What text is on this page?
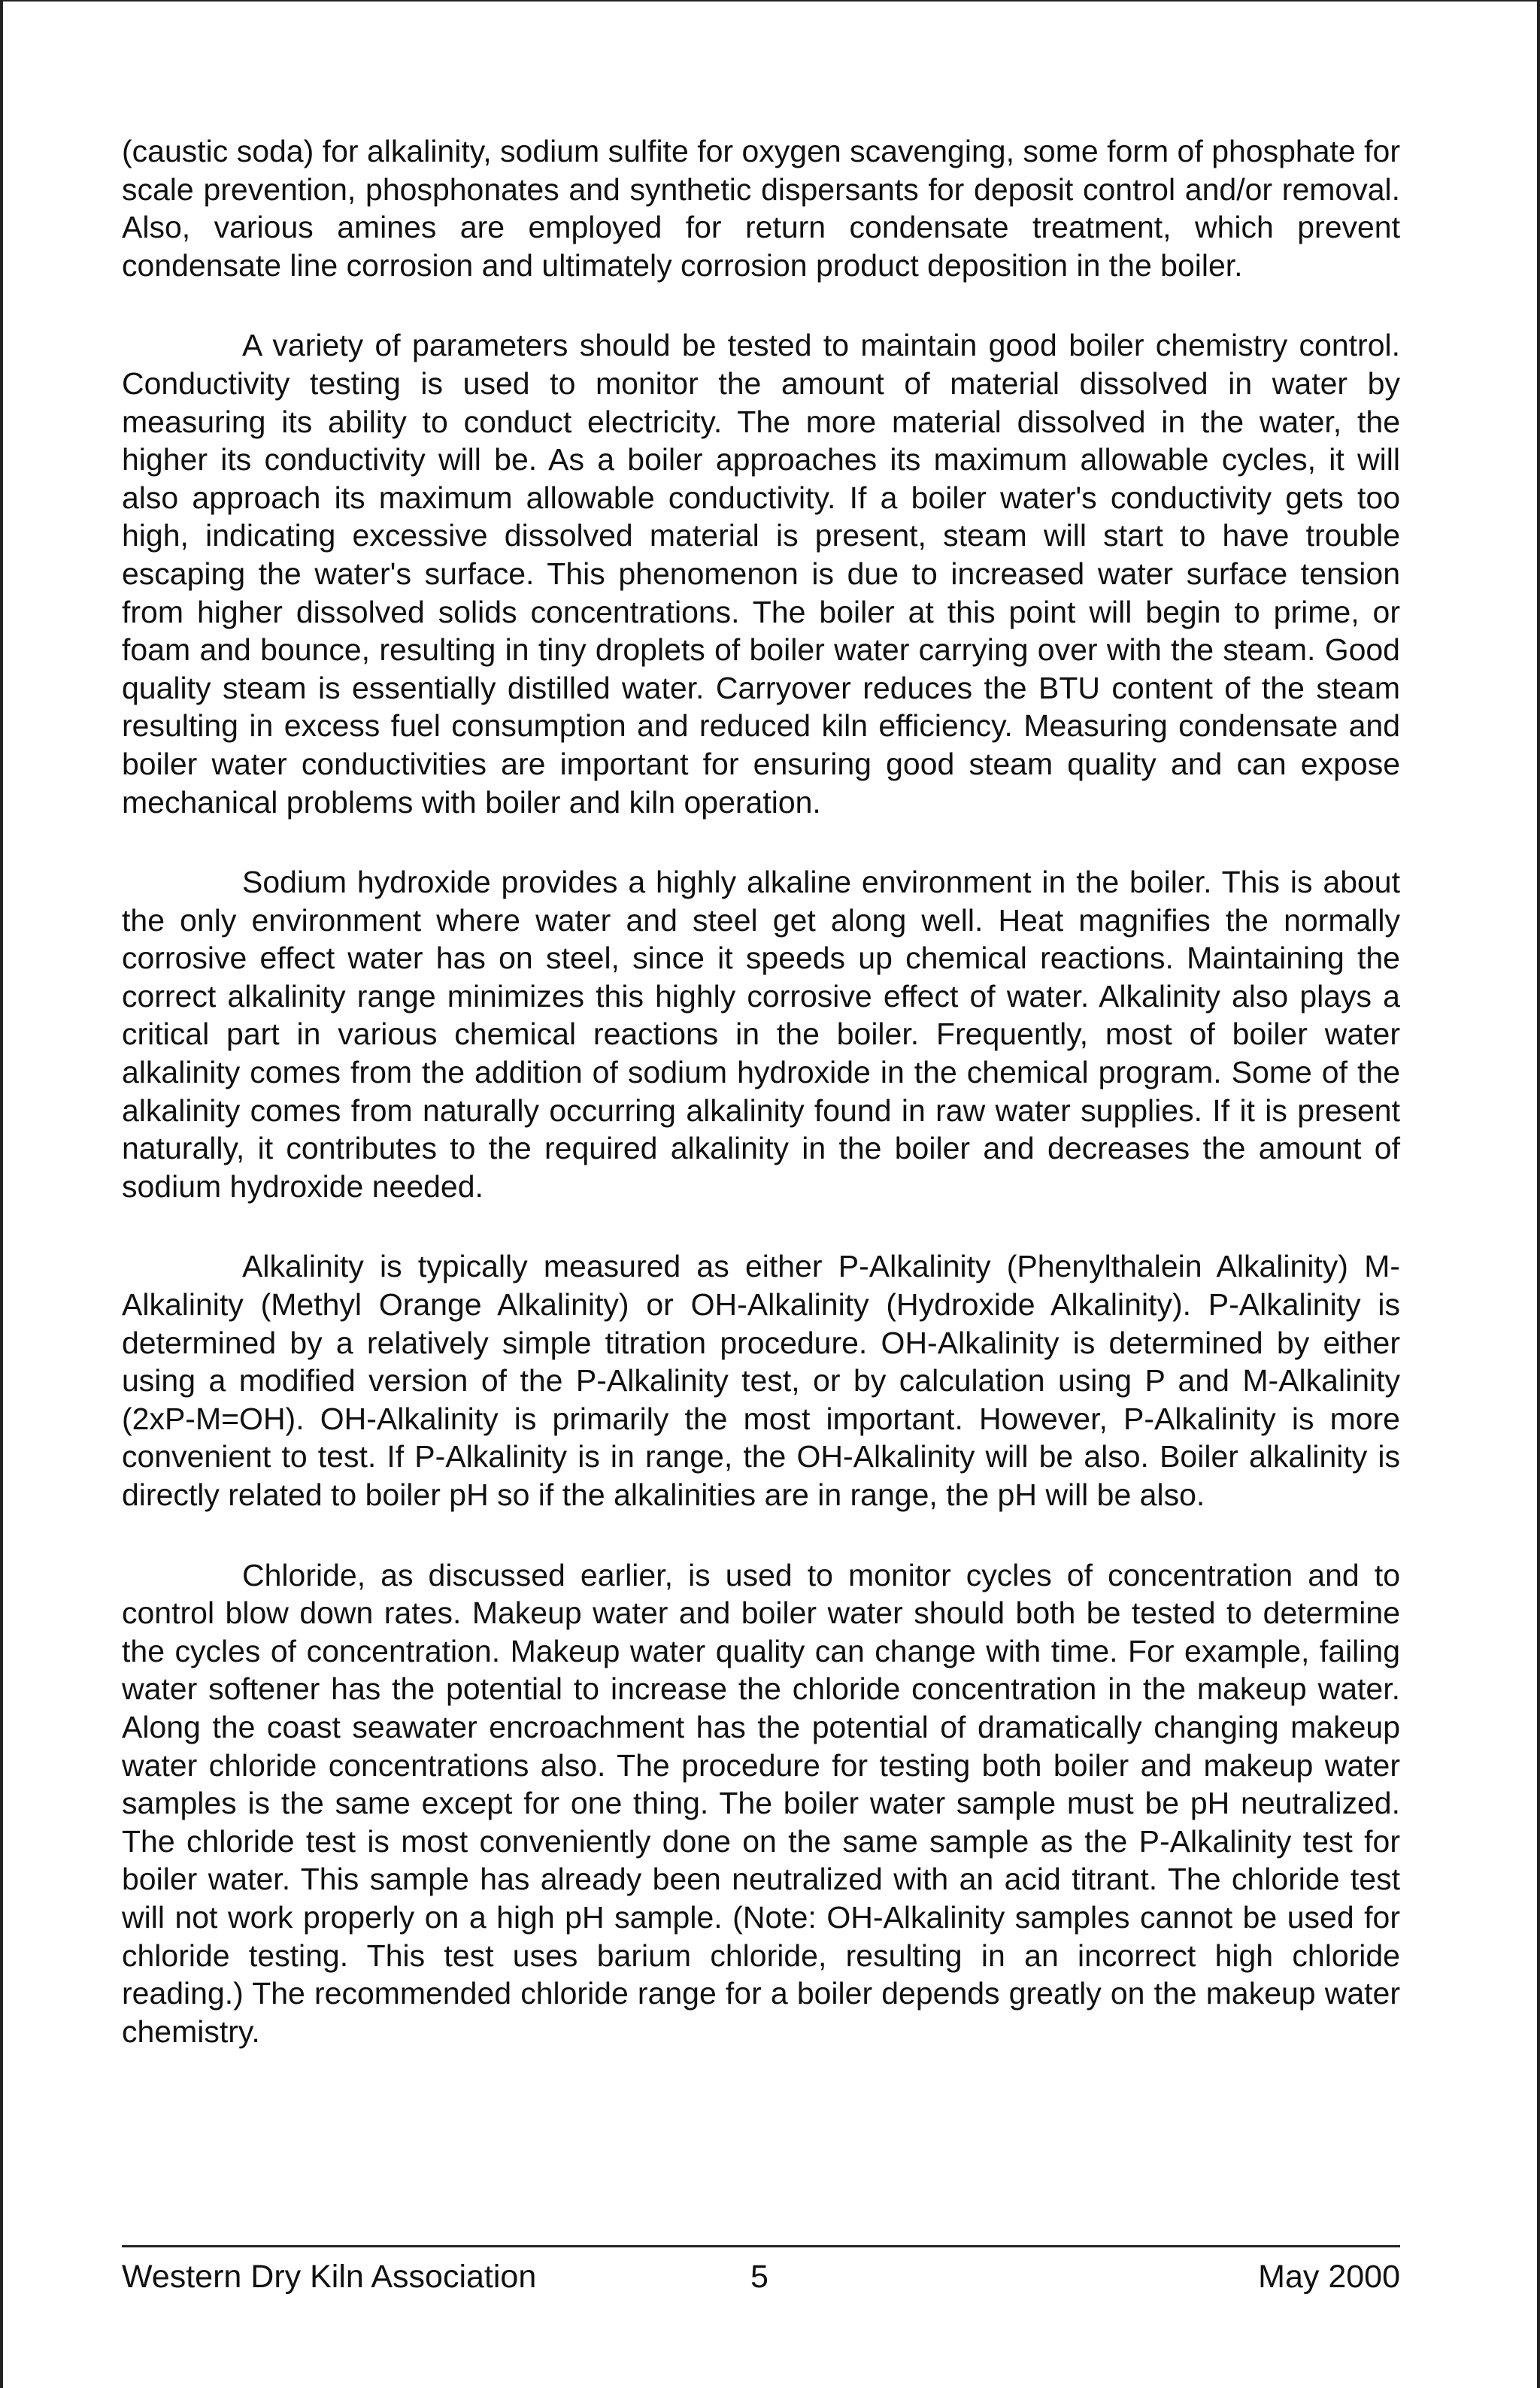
(caustic soda) for alkalinity, sodium sulfite for oxygen scavenging, some form of phosphate for scale prevention, phosphonates and synthetic dispersants for deposit control and/or removal. Also, various amines are employed for return condensate treatment, which prevent condensate line corrosion and ultimately corrosion product deposition in the boiler.

A variety of parameters should be tested to maintain good boiler chemistry control. Conductivity testing is used to monitor the amount of material dissolved in water by measuring its ability to conduct electricity. The more material dissolved in the water, the higher its conductivity will be. As a boiler approaches its maximum allowable cycles, it will also approach its maximum allowable conductivity. If a boiler water's conductivity gets too high, indicating excessive dissolved material is present, steam will start to have trouble escaping the water's surface. This phenomenon is due to increased water surface tension from higher dissolved solids concentrations. The boiler at this point will begin to prime, or foam and bounce, resulting in tiny droplets of boiler water carrying over with the steam. Good quality steam is essentially distilled water. Carryover reduces the BTU content of the steam resulting in excess fuel consumption and reduced kiln efficiency. Measuring condensate and boiler water conductivities are important for ensuring good steam quality and can expose mechanical problems with boiler and kiln operation.

Sodium hydroxide provides a highly alkaline environment in the boiler. This is about the only environment where water and steel get along well. Heat magnifies the normally corrosive effect water has on steel, since it speeds up chemical reactions. Maintaining the correct alkalinity range minimizes this highly corrosive effect of water. Alkalinity also plays a critical part in various chemical reactions in the boiler. Frequently, most of boiler water alkalinity comes from the addition of sodium hydroxide in the chemical program. Some of the alkalinity comes from naturally occurring alkalinity found in raw water supplies. If it is present naturally, it contributes to the required alkalinity in the boiler and decreases the amount of sodium hydroxide needed.

Alkalinity is typically measured as either P-Alkalinity (Phenylthalein Alkalinity) M-Alkalinity (Methyl Orange Alkalinity) or OH-Alkalinity (Hydroxide Alkalinity). P-Alkalinity is determined by a relatively simple titration procedure. OH-Alkalinity is determined by either using a modified version of the P-Alkalinity test, or by calculation using P and M-Alkalinity (2xP-M=OH). OH-Alkalinity is primarily the most important. However, P-Alkalinity is more convenient to test. If P-Alkalinity is in range, the OH-Alkalinity will be also. Boiler alkalinity is directly related to boiler pH so if the alkalinities are in range, the pH will be also.

Chloride, as discussed earlier, is used to monitor cycles of concentration and to control blow down rates. Makeup water and boiler water should both be tested to determine the cycles of concentration. Makeup water quality can change with time. For example, failing water softener has the potential to increase the chloride concentration in the makeup water. Along the coast seawater encroachment has the potential of dramatically changing makeup water chloride concentrations also. The procedure for testing both boiler and makeup water samples is the same except for one thing. The boiler water sample must be pH neutralized. The chloride test is most conveniently done on the same sample as the P-Alkalinity test for boiler water. This sample has already been neutralized with an acid titrant. The chloride test will not work properly on a high pH sample. (Note: OH-Alkalinity samples cannot be used for chloride testing. This test uses barium chloride, resulting in an incorrect high chloride reading.) The recommended chloride range for a boiler depends greatly on the makeup water chemistry.

Western Dry Kiln Association	5	May 2000
